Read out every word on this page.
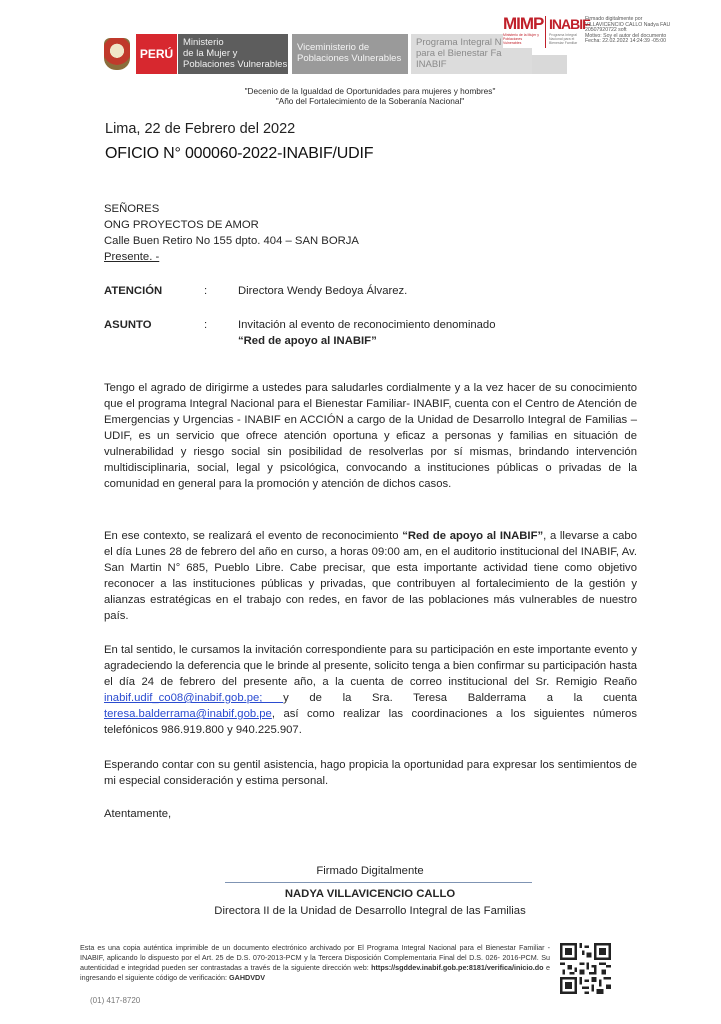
PERÚ
Ministerio
de la Mujer y
Poblaciones Vulnerables
Viceministerio de
Poblaciones Vulnerables
Programa Integral N
para el Bienestar Fa
INABIF
MIMP
Ministerio de la Mujer y Poblaciones Vulnerables
INABIF
Programa Integral Nacional para el Bienestar Familiar
Firmado digitalmente por
VILLAVICENCIO CALLO Nadya FAU
20507920722 soft
Motivo: Soy el autor del documento
Fecha: 22.02.2022 14:24:39 -05:00
"Decenio de la Igualdad de Oportunidades para mujeres y hombres"
"Año del Fortalecimiento de la Soberanía Nacional"
Lima, 22 de Febrero del 2022
OFICIO N° 000060-2022-INABIF/UDIF
SEÑORES
ONG PROYECTOS DE AMOR
Calle Buen Retiro No 155 dpto. 404 – SAN BORJA
Presente. -
ATENCIÓN	:	Directora Wendy Bedoya Álvarez.
ASUNTO	:	Invitación al evento de reconocimiento denominado
“Red de apoyo al INABIF”
Tengo el agrado de dirigirme a ustedes para saludarles cordialmente y a la vez hacer de su conocimiento que el programa Integral Nacional para el Bienestar Familiar- INABIF, cuenta con el Centro de Atención de Emergencias y Urgencias - INABIF en ACCIÓN a cargo de la Unidad de Desarrollo Integral de Familias – UDIF, es un servicio que ofrece atención oportuna y eficaz a personas y familias en situación de vulnerabilidad y riesgo social sin posibilidad de resolverlas por sí mismas, brindando intervención multidisciplinaria, social, legal y psicológica, convocando a instituciones públicas o privadas de la comunidad en general para la promoción y atención de dichos casos.
En ese contexto, se realizará el evento de reconocimiento “Red de apoyo al INABIF”, a llevarse a cabo el día Lunes 28 de febrero del año en curso, a horas 09:00 am, en el auditorio institucional del INABIF, Av. San Martin N° 685, Pueblo Libre. Cabe precisar, que esta importante actividad tiene como objetivo reconocer a las instituciones públicas y privadas, que contribuyen al fortalecimiento de la gestión y alianzas estratégicas en el trabajo con redes, en favor de las poblaciones más vulnerables de nuestro país.
En tal sentido, le cursamos la invitación correspondiente para su participación en este importante evento y agradeciendo la deferencia que le brinde al presente, solicito tenga a bien confirmar su participación hasta el día 24 de febrero del presente año, a la cuenta de correo institucional del Sr. Remigio Reaño inabif.udif_co08@inabif.gob.pe; y de la Sra. Teresa Balderrama a la cuenta teresa.balderrama@inabif.gob.pe, así como realizar las coordinaciones a los siguientes números telefónicos 986.919.800 y 940.225.907.
Esperando contar con su gentil asistencia, hago propicia la oportunidad para expresar los sentimientos de mi especial consideración y estima personal.
Atentamente,
Firmado Digitalmente
NADYA VILLAVICENCIO CALLO
Directora II de la Unidad de Desarrollo Integral de las Familias
Esta es una copia auténtica imprimible de un documento electrónico archivado por El Programa Integral Nacional para el Bienestar Familiar - INABIF, aplicando lo dispuesto por el Art. 25 de D.S. 070-2013-PCM y la Tercera Disposición Complementaria Final del D.S. 026- 2016-PCM. Su autenticidad e integridad pueden ser contrastadas a través de la siguiente dirección web: https://sgddev.inabif.gob.pe:8181/verifica/inicio.do e ingresando el siguiente código de verificación: GAHDVDV
(01) 417-8720
